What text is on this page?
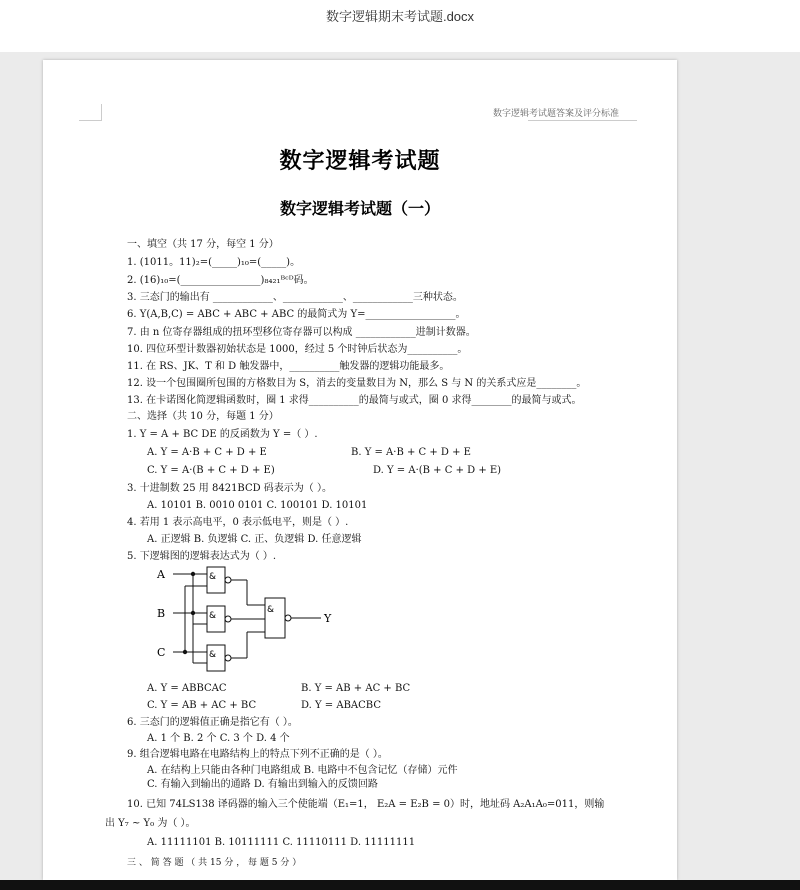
数字逻辑期末考试题.docx
数字逻辑考试题答案及评分标准
数字逻辑考试题
数字逻辑考试题（一）
一、填空（共 17 分，每空 1 分）
1. (1011。11)₂=(_____)₁₀=(_____)。
2. (16)₁₀=(________________)₈₄₂₁ᴮᶜᴰ码。
3. 三态门的输出有 ____________、____________、____________三种状态。
6. Y(A,B,C) = ABC + ABC + ABC 的最简式为 Y=__________________。
7. 由 n 位寄存器组成的扭环型移位寄存器可以构成 ____________进制计数器。
10. 四位环型计数器初始状态是 1000，经过 5 个时钟后状态为__________。
11. 在 RS、JK、T 和 D 触发器中，__________触发器的逻辑功能最多。
12. 设一个包围圈所包围的方格数目为 S，消去的变量数目为 N，那么 S 与 N 的关系式应是________。
13. 在卡诺图化简逻辑函数时，圈 1 求得__________的最简与或式，圈 0 求得________的最简与或式。
二、选择（共 10 分，每题 1 分）
1. Y = A + BC DE 的反函数为 Y =（ ）.
A. Y = A·B + C + D + E	B. Y = A·B + C + D + E
C. Y = A·(B + C + D + E)	D. Y = A·(B + C + D + E)
3. 十进制数 25 用 8421BCD 码表示为（ ）。
A. 10101 B. 0010 0101 C. 100101 D. 10101
4. 若用 1 表示高电平，0 表示低电平，则是（ ）.
A. 正逻辑 B. 负逻辑 C. 正、负逻辑 D. 任意逻辑
5. 下逻辑图的逻辑表达式为（ ）.
A
B
C
&
&
&
&
Y
A. Y = ABBCAC	B. Y = AB + AC + BC
C. Y = AB + AC + BC	D. Y = ABACBC
6. 三态门的逻辑值正确是指它有（ ）。
A. 1 个 B. 2 个 C. 3 个 D. 4 个
9. 组合逻辑电路在电路结构上的特点下列不正确的是（ ）。
A. 在结构上只能由各种门电路组成 B. 电路中不包含记忆（存储）元件
C. 有输入到输出的通路 D. 有输出到输入的反馈回路
10. 已知 74LS138 译码器的输入三个使能端（E₁=1， E₂A = E₂B = 0）时，地址码 A₂A₁A₀=011，则输
出 Y₇ ~ Y₀ 为（ ）。
A. 11111101 B. 10111111 C. 11110111 D. 11111111
三 、 简 答 题 （ 共 15 分 ， 每 题 5 分 ）
